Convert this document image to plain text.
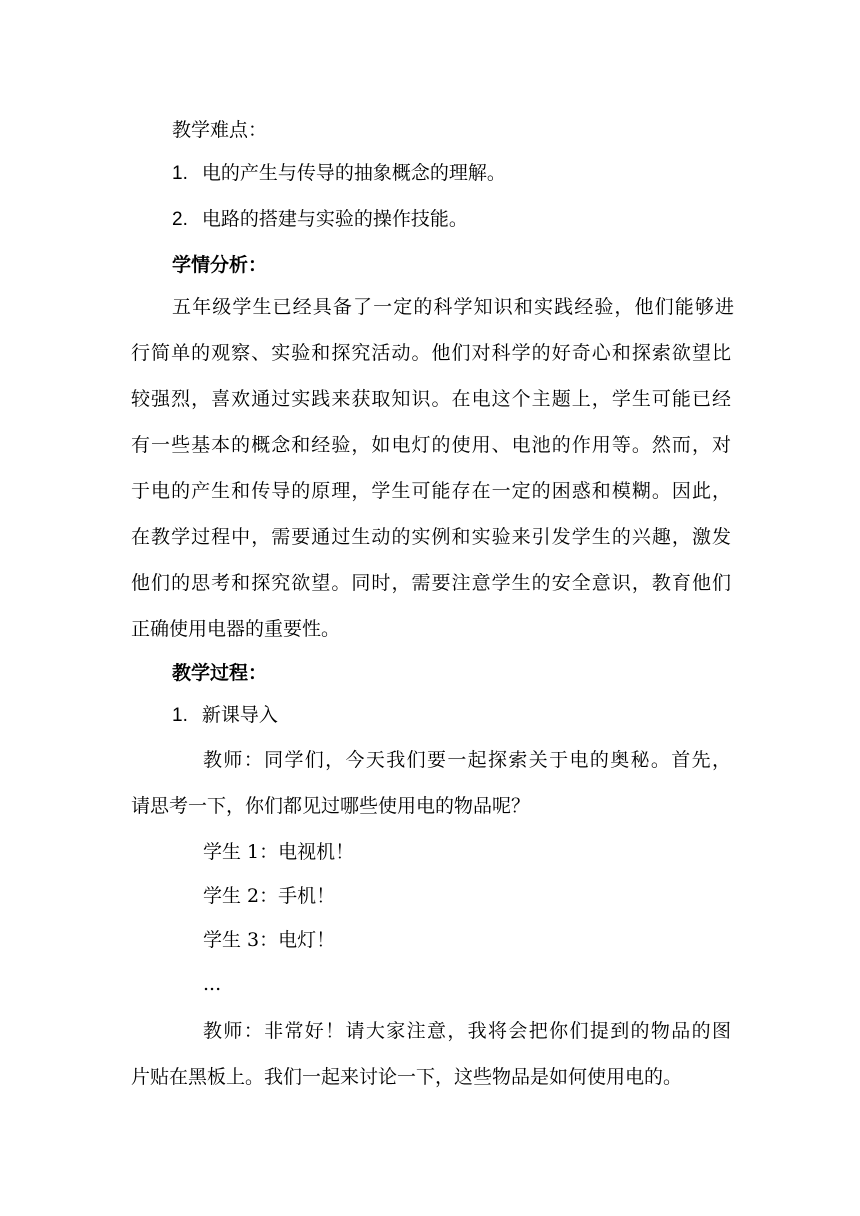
教学难点：
1. 电的产生与传导的抽象概念的理解。
2. 电路的搭建与实验的操作技能。
学情分析：
五年级学生已经具备了一定的科学知识和实践经验，他们能够进
行简单的观察、实验和探究活动。他们对科学的好奇心和探索欲望比
较强烈，喜欢通过实践来获取知识。在电这个主题上，学生可能已经
有一些基本的概念和经验，如电灯的使用、电池的作用等。然而，对
于电的产生和传导的原理，学生可能存在一定的困惑和模糊。因此，
在教学过程中，需要通过生动的实例和实验来引发学生的兴趣，激发
他们的思考和探究欲望。同时，需要注意学生的安全意识，教育他们
正确使用电器的重要性。
教学过程：
1. 新课导入
教师：同学们，今天我们要一起探索关于电的奥秘。首先，
请思考一下，你们都见过哪些使用电的物品呢？
学生 1：电视机！
学生 2：手机！
学生 3：电灯！
...
教师：非常好！请大家注意，我将会把你们提到的物品的图
片贴在黑板上。我们一起来讨论一下，这些物品是如何使用电的。
